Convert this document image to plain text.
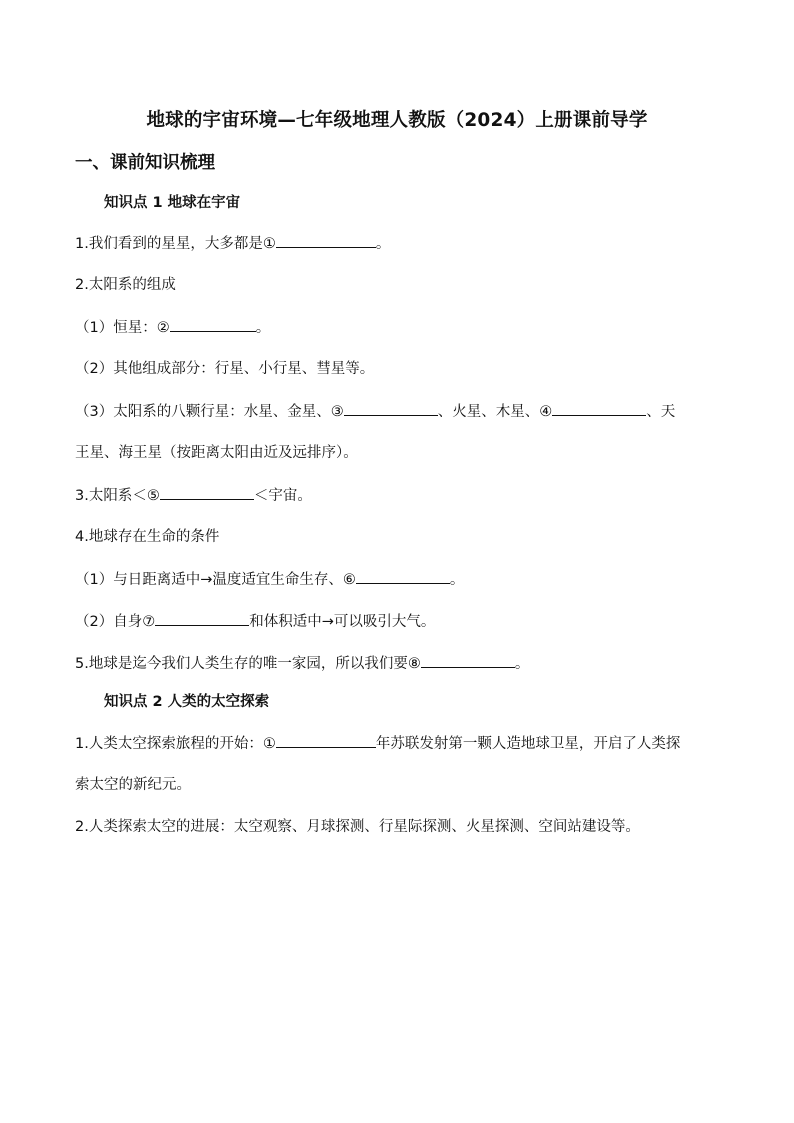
地球的宇宙环境—七年级地理人教版（2024）上册课前导学
一、课前知识梳理
知识点 1 地球在宇宙
1.我们看到的星星，大多都是①	。
2.太阳系的组成
（1）恒星：②	。
（2）其他组成部分：行星、小行星、彗星等。
（3）太阳系的八颗行星：水星、金星、③	、火星、木星、④	、天
王星、海王星（按距离太阳由近及远排序）。
3.太阳系＜⑤	＜宇宙。
4.地球存在生命的条件
（1）与日距离适中→温度适宜生命生存、⑥	。
（2）自身⑦	和体积适中→可以吸引大气。
5.地球是迄今我们人类生存的唯一家园，所以我们要⑧	。
知识点 2 人类的太空探索
1.人类太空探索旅程的开始：①	年苏联发射第一颗人造地球卫星，开启了人类探
索太空的新纪元。
2.人类探索太空的进展：太空观察、月球探测、行星际探测、火星探测、空间站建设等。
